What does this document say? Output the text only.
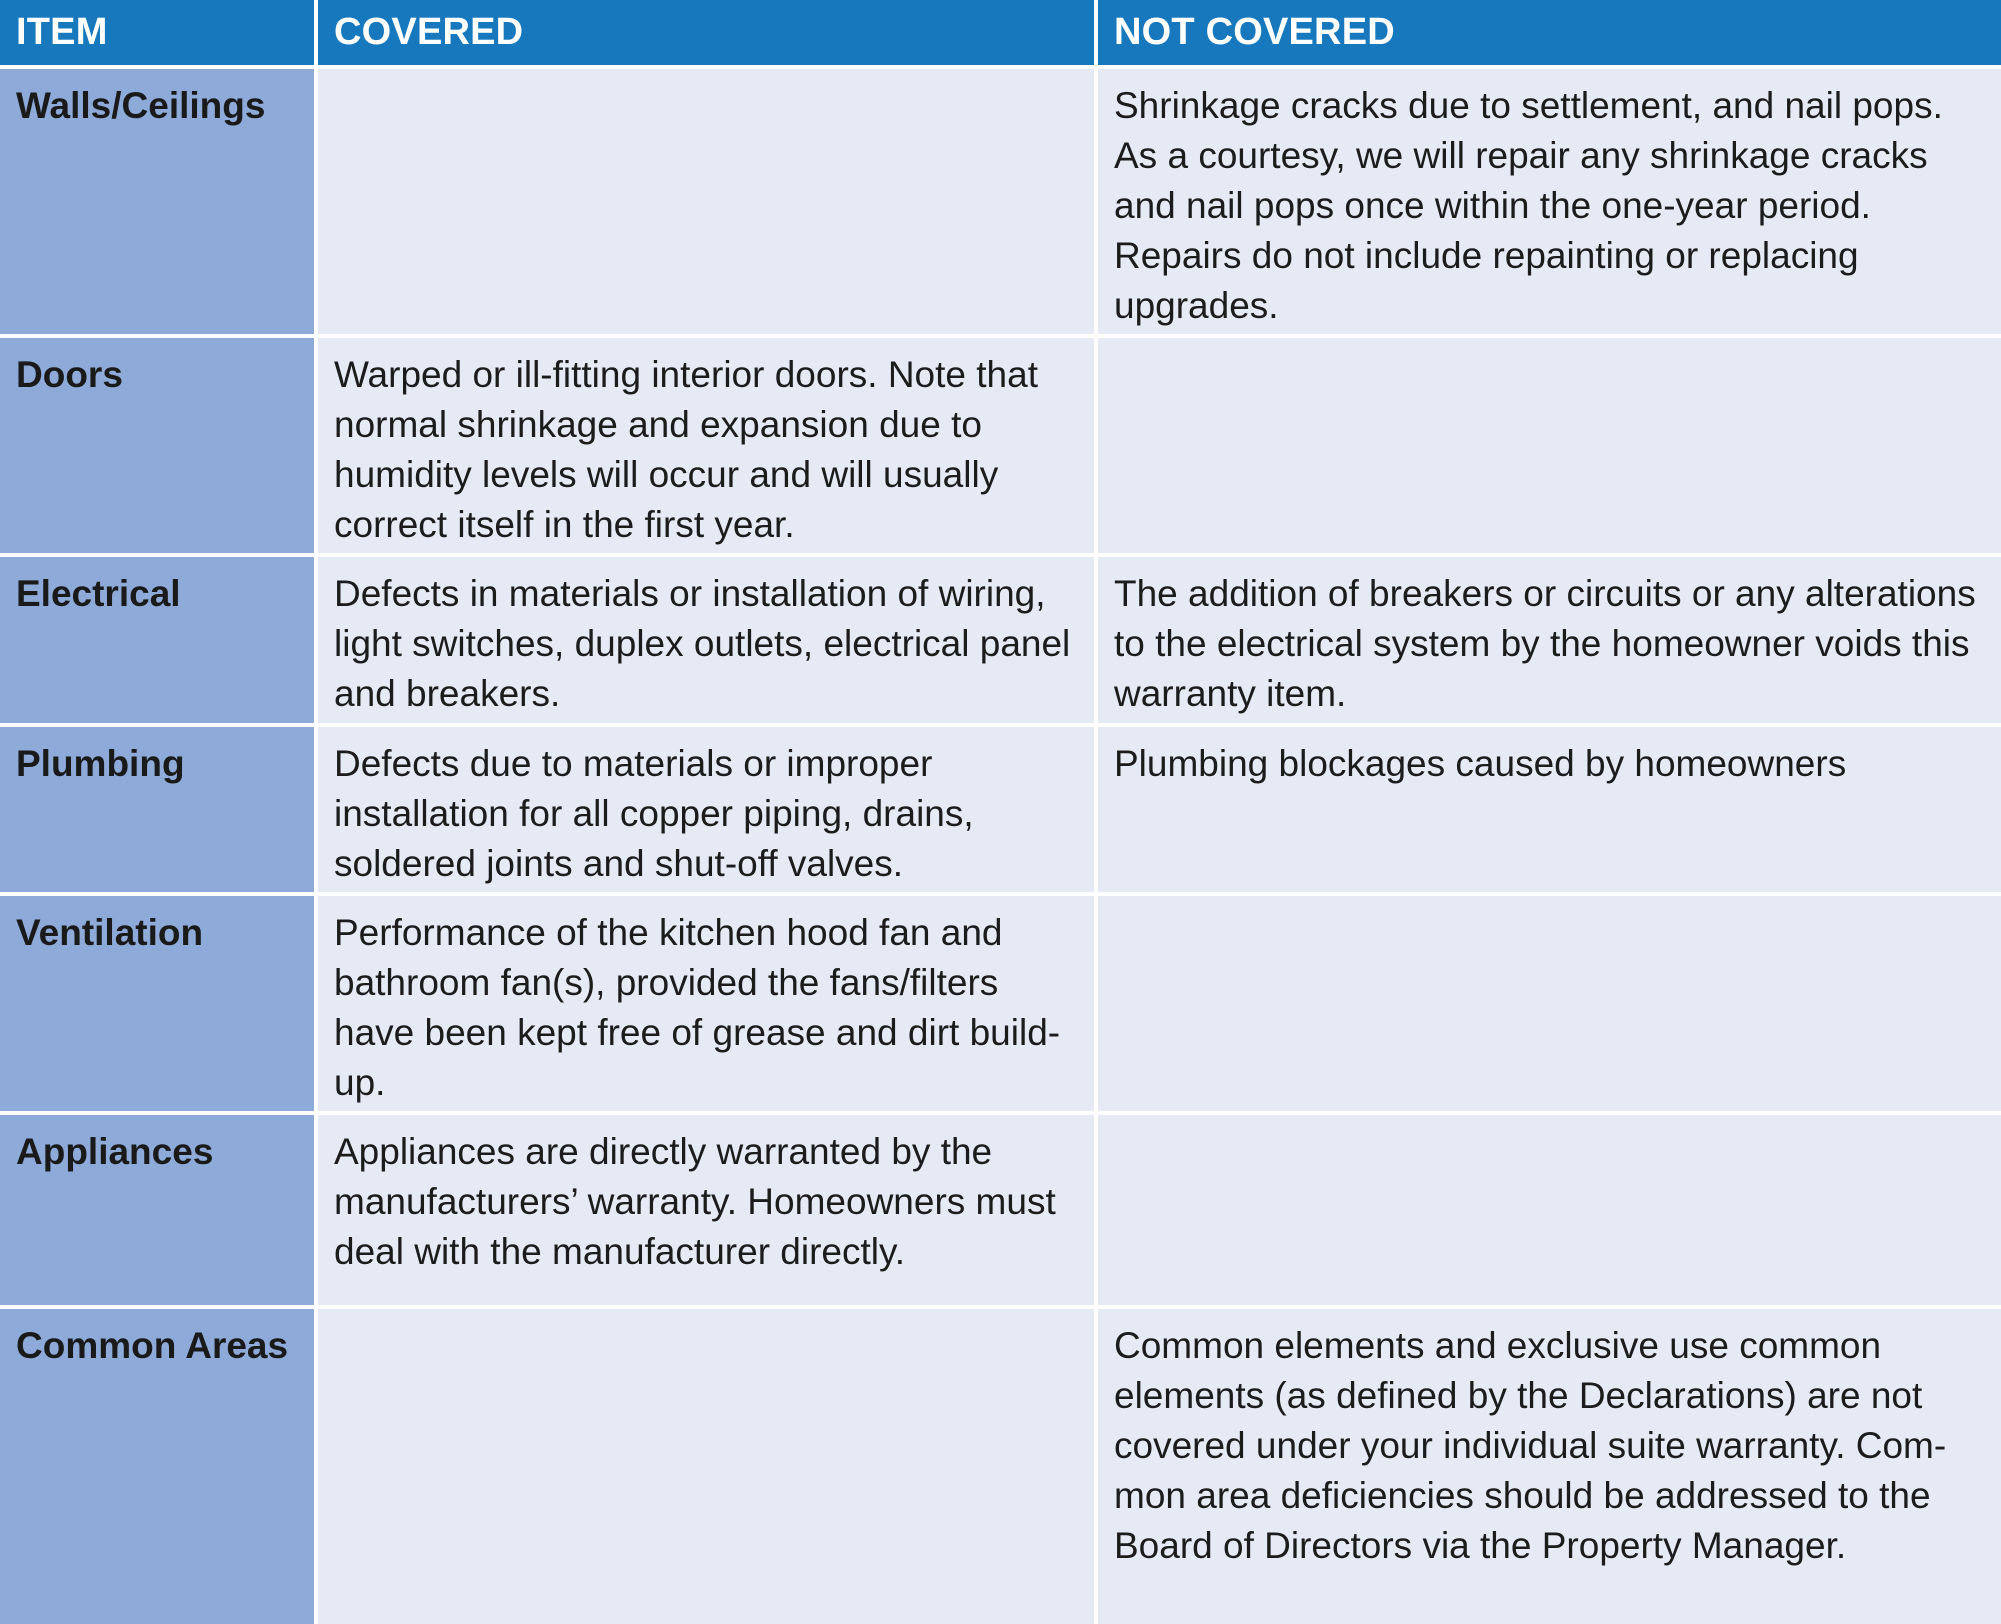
ITEM	COVERED	NOT COVERED
Walls/Ceilings		Shrinkage cracks due to settlement, and nail pops. As a courtesy, we will repair any shrinkage cracks and nail pops once within the one-year period. Repairs do not include repainting or replacing upgrades.
Doors	Warped or ill-fitting interior doors. Note that normal shrinkage and expansion due to humidity levels will occur and will usually correct itself in the first year.	
Electrical	Defects in materials or installation of wiring, light switches, duplex outlets, electrical panel and breakers.	The addition of breakers or circuits or any alterations to the electrical system by the homeowner voids this warranty item.
Plumbing	Defects due to materials or improper installation for all copper piping, drains, soldered joints and shut-off valves.	Plumbing blockages caused by homeowners
Ventilation	Performance of the kitchen hood fan and bathroom fan(s), provided the fans/filters have been kept free of grease and dirt build-up.	
Appliances	Appliances are directly warranted by the manufacturers’ warranty. Homeowners must deal with the manufacturer directly.	
Common Areas		Common elements and exclusive use common elements (as defined by the Declarations) are not covered under your individual suite warranty. Common area deficiencies should be addressed to the Board of Directors via the Property Manager.
